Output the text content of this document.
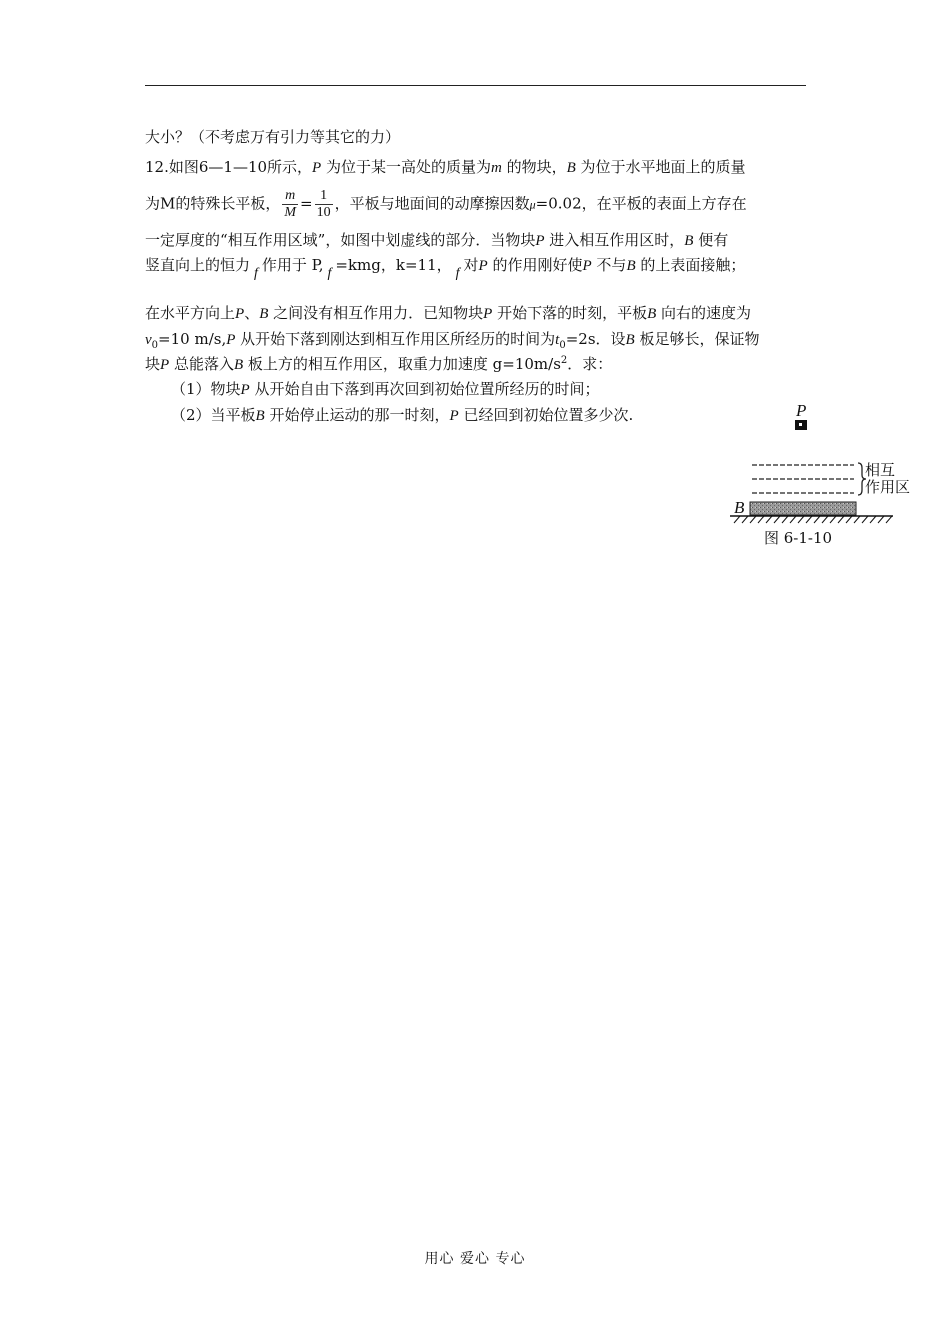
大小？（不考虑万有引力等其它的力）
12.如图6—1—10所示，P 为位于某一高处的质量为m 的物块，B 为位于水平地面上的质量
为M的特殊长平板， $\frac{m}{M} = \frac{1}{10}$ ，平板与地面间的动摩擦因数μ=0.02，在平板的表面上方存在
一定厚度的“相互作用区域”，如图中划虚线的部分．当物块P 进入相互作用区时，B 便有
竖直向上的恒力 f 作用于 P, f =kmg，k=11， f 对P 的作用刚好使P 不与B 的上表面接触；
在水平方向上P、B 之间没有相互作用力．已知物块P 开始下落的时刻，平板B 向右的速度为
$v_0=10$ m/s,P 从开始下落到刚达到相互作用区所经历的时间为$t_0=2s$．设B 板足够长，保证物
块P 总能落入B 板上方的相互作用区，取重力加速度 $g=10m/s^2$．求：
（1）物块P 从开始自由下落到再次回到初始位置所经历的时间；
（2）当平板B 开始停止运动的那一时刻，P 已经回到初始位置多少次.	P
相互
作用区
B
图 6-1-10
用心 爱心 专心
